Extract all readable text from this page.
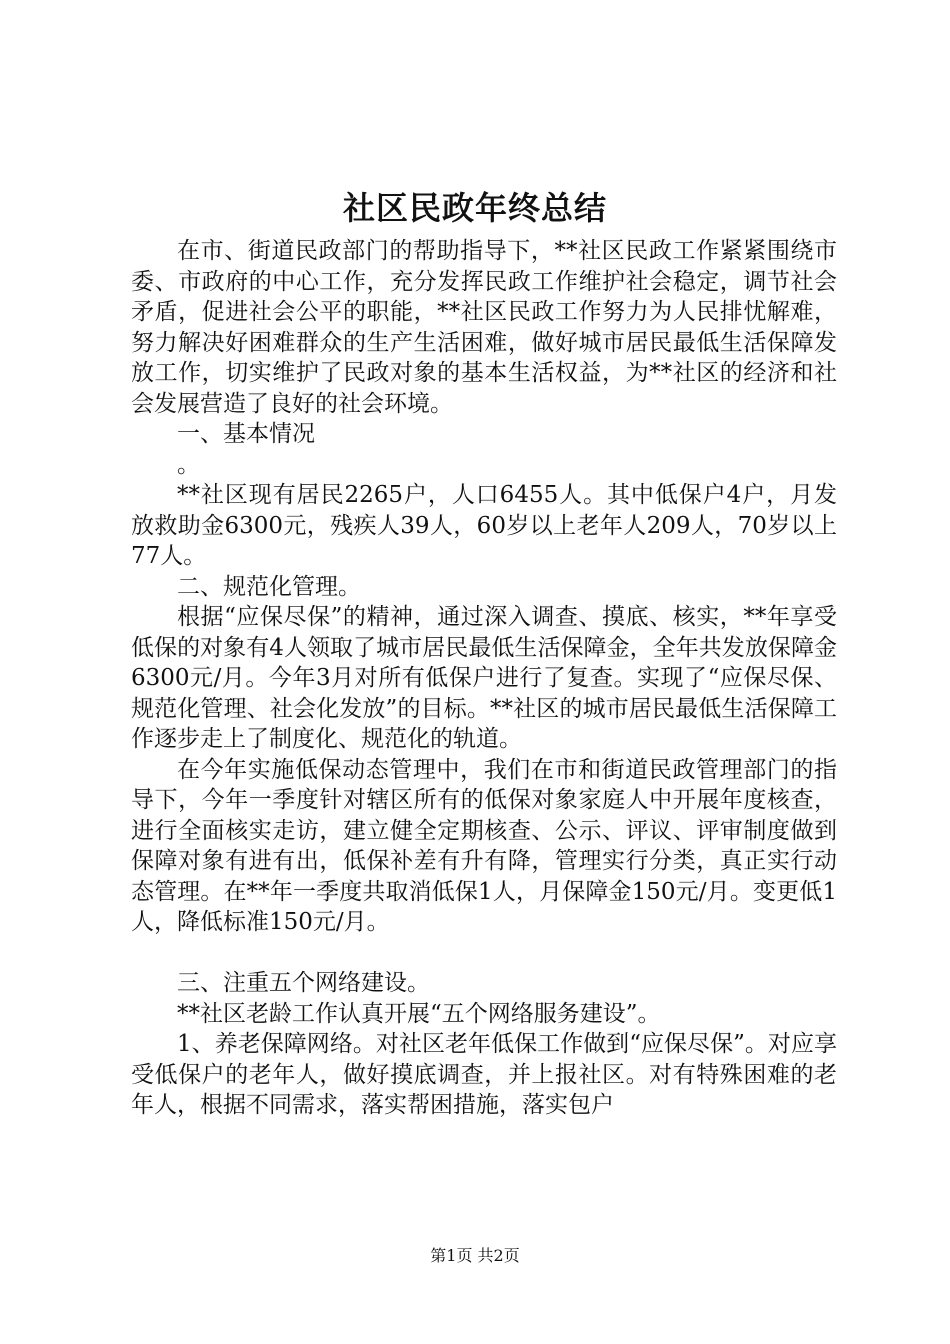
社区民政年终总结

在市、街道民政部门的帮助指导下，**社区民政工作紧紧围绕市委、市政府的中心工作，充分发挥民政工作维护社会稳定，调节社会矛盾，促进社会公平的职能，**社区民政工作努力为人民排忧解难，努力解决好困难群众的生产生活困难，做好城市居民最低生活保障发放工作，切实维护了民政对象的基本生活权益，为**社区的经济和社会发展营造了良好的社会环境。

一、基本情况

。

**社区现有居民2265户，人口6455人。其中低保户4户，月发放救助金6300元，残疾人39人，60岁以上老年人209人，70岁以上77人。

二、规范化管理。

根据“应保尽保”的精神，通过深入调查、摸底、核实，**年享受低保的对象有4人领取了城市居民最低生活保障金，全年共发放保障金6300元/月。今年3月对所有低保户进行了复查。实现了“应保尽保、规范化管理、社会化发放”的目标。**社区的城市居民最低生活保障工作逐步走上了制度化、规范化的轨道。

在今年实施低保动态管理中，我们在市和街道民政管理部门的指导下，今年一季度针对辖区所有的低保对象家庭人中开展年度核查，进行全面核实走访，建立健全定期核查、公示、评议、评审制度做到保障对象有进有出，低保补差有升有降，管理实行分类，真正实行动态管理。在**年一季度共取消低保1人，月保障金150元/月。变更低1人，降低标准150元/月。

三、注重五个网络建设。

**社区老龄工作认真开展“五个网络服务建设”。

1、养老保障网络。对社区老年低保工作做到“应保尽保”。对应享受低保户的老年人，做好摸底调查，并上报社区。对有特殊困难的老年人，根据不同需求，落实帮困措施，落实包户

第1页 共2页
